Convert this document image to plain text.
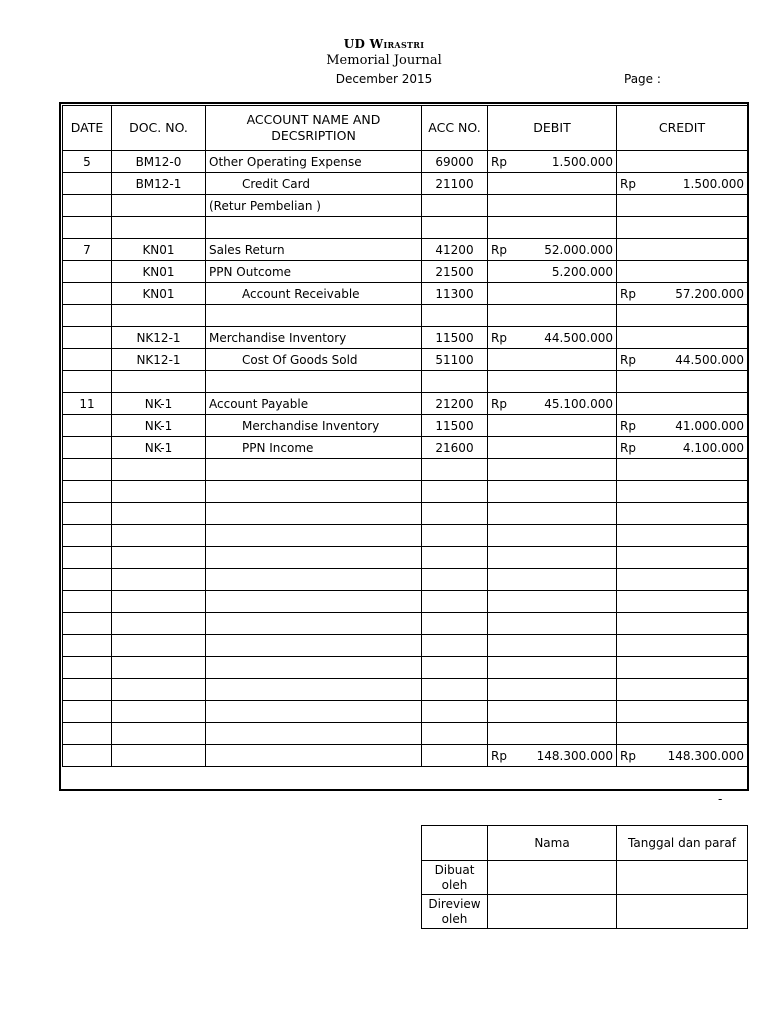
UD Wirastri
Memorial Journal
December 2015	Page :
DATE	DOC. NO.	ACCOUNT NAME AND DECSRIPTION	ACC NO.	DEBIT	CREDIT
5	BM12-0	Other Operating Expense	69000	Rp 1.500.000	

	BM12-1	Credit Card	21100		Rp 1.500.000

		(Retur Pembelian )		

7	KN01	Sales Return	41200	Rp 52.000.000	

	KN01	PPN Outcome	21500	5.200.000	

	KN01	Account Receivable	11300		Rp 57.200.000

	NK12-1	Merchandise Inventory	11500	Rp 44.500.000	

	NK12-1	Cost Of Goods Sold	51100		Rp 44.500.000

11	NK-1	Account Payable	21200	Rp 45.100.000	

	NK-1	Merchandise Inventory	11500		Rp 41.000.000

	NK-1	PPN Income	21600		Rp 4.100.000

				Rp 148.300.000	Rp 148.300.000
-
	Nama	Tanggal dan paraf
Dibuat oleh		
Direview oleh		
